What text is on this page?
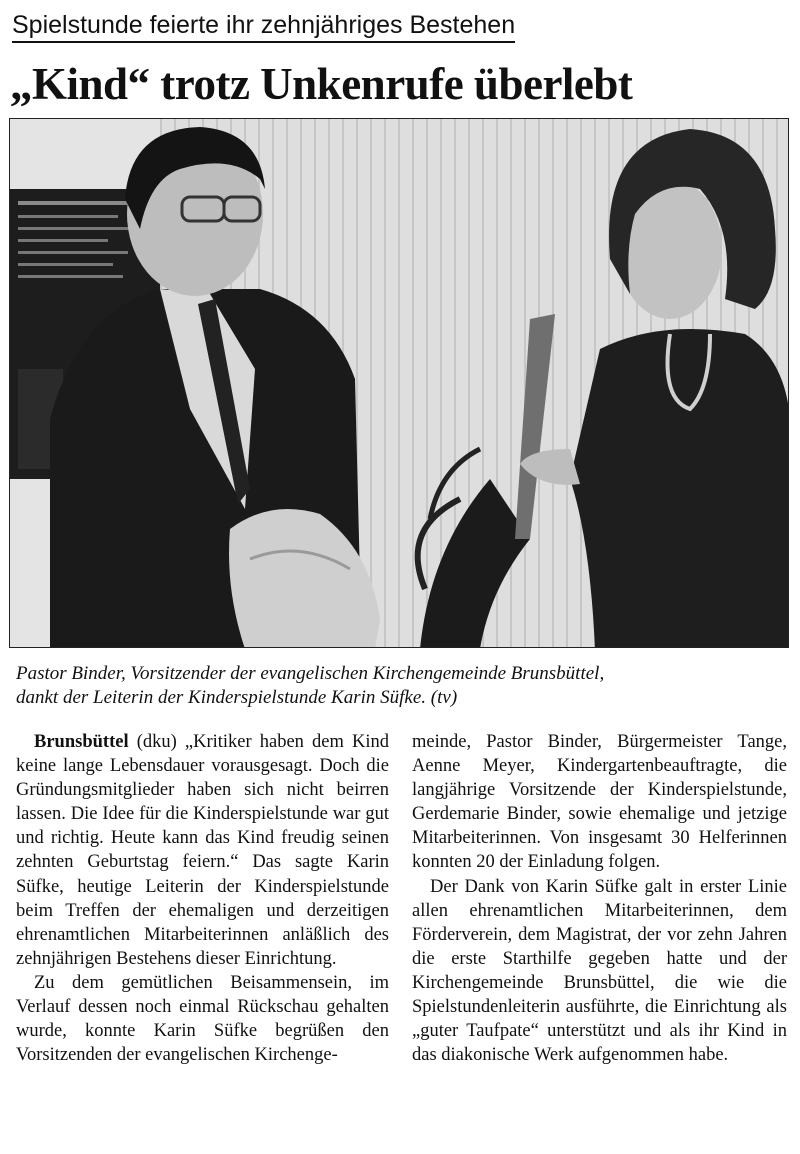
Spielstunde feierte ihr zehnjähriges Bestehen
„Kind“ trotz Unkenrufe überlebt

Pastor Binder, Vorsitzender der evangelischen Kirchengemeinde Brunsbüttel,

dankt der Leiterin der Kinderspielstunde Karin Süfke. (tv)

Brunsbüttel (dku) „Kritiker haben dem Kind keine lange Lebensdauer vorausgesagt. Doch die Gründungsmitglieder haben sich nicht beirren lassen. Die Idee für die Kinderspielstunde war gut und richtig. Heute kann das Kind freudig seinen zehnten Geburtstag feiern.“ Das sagte Karin Süfke, heutige Leiterin der Kinderspielstunde beim Treffen der ehemaligen und derzeitigen ehrenamtlichen Mitarbeiterinnen anläßlich des zehnjährigen Bestehens dieser Einrichtung.

Zu dem gemütlichen Beisammensein, im Verlauf dessen noch einmal Rückschau gehalten wurde, konnte Karin Süfke begrüßen den Vorsitzenden der evangelischen Kirchenge-

meinde, Pastor Binder, Bürgermeister Tange, Aenne Meyer, Kindergartenbeauftragte, die langjährige Vorsitzende der Kinderspielstunde, Gerdemarie Binder, sowie ehemalige und jetzige Mitarbeiterinnen. Von insgesamt 30 Helferinnen konnten 20 der Einladung folgen.

Der Dank von Karin Süfke galt in erster Linie allen ehrenamtlichen Mitarbeiterinnen, dem Förderverein, dem Magistrat, der vor zehn Jahren die erste Starthilfe gegeben hatte und der Kirchengemeinde Brunsbüttel, die wie die Spielstundenleiterin ausführte, die Einrichtung als „guter Taufpate“ unterstützt und als ihr Kind in das diakonische Werk aufgenommen habe.
